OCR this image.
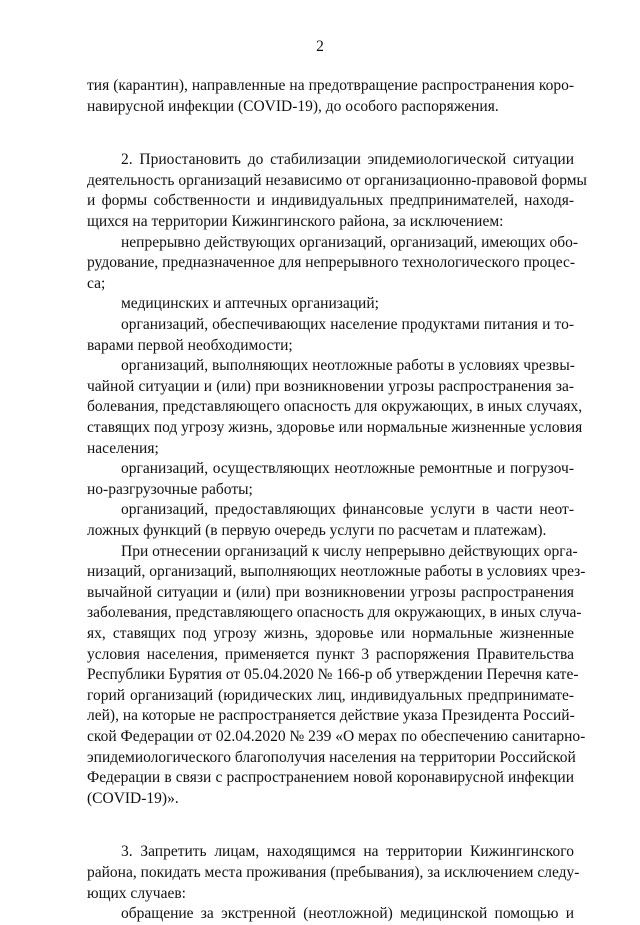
2
тия (карантин), направленные на предотвращение распространения коро-
навирусной инфекции (COVID-19), до особого распоряжения.
2. Приостановить до стабилизации эпидемиологической ситуации
деятельность организаций независимо от организационно-правовой формы
и формы собственности и индивидуальных предпринимателей, находя-
щихся на территории Кижингинского района, за исключением:
непрерывно действующих организаций, организаций, имеющих обо-
рудование, предназначенное для непрерывного технологического процес-
са;
медицинских и аптечных организаций;
организаций, обеспечивающих население продуктами питания и то-
варами первой необходимости;
организаций, выполняющих неотложные работы в условиях чрезвы-
чайной ситуации и (или) при возникновении угрозы распространения за-
болевания, представляющего опасность для окружающих, в иных случаях,
ставящих под угрозу жизнь, здоровье или нормальные жизненные условия
населения;
организаций, осуществляющих неотложные ремонтные и погрузоч-
но-разгрузочные работы;
организаций, предоставляющих финансовые услуги в части неот-
ложных функций (в первую очередь услуги по расчетам и платежам).
При отнесении организаций к числу непрерывно действующих орга-
низаций, организаций, выполняющих неотложные работы в условиях чрез-
вычайной ситуации и (или) при возникновении угрозы распространения
заболевания, представляющего опасность для окружающих, в иных случа-
ях, ставящих под угрозу жизнь, здоровье или нормальные жизненные
условия населения, применяется пункт 3 распоряжения Правительства
Республики Бурятия от 05.04.2020 № 166-р об утверждении Перечня кате-
горий организаций (юридических лиц, индивидуальных предпринимате-
лей), на которые не распространяется действие указа Президента Россий-
ской Федерации от 02.04.2020 № 239 «О мерах по обеспечению санитарно-
эпидемиологического благополучия населения на территории Российской
Федерации в связи с распространением новой коронавирусной инфекции
(COVID-19)».
3. Запретить лицам, находящимся на территории Кижингинского
района, покидать места проживания (пребывания), за исключением следу-
ющих случаев:
обращение за экстренной (неотложной) медицинской помощью и
